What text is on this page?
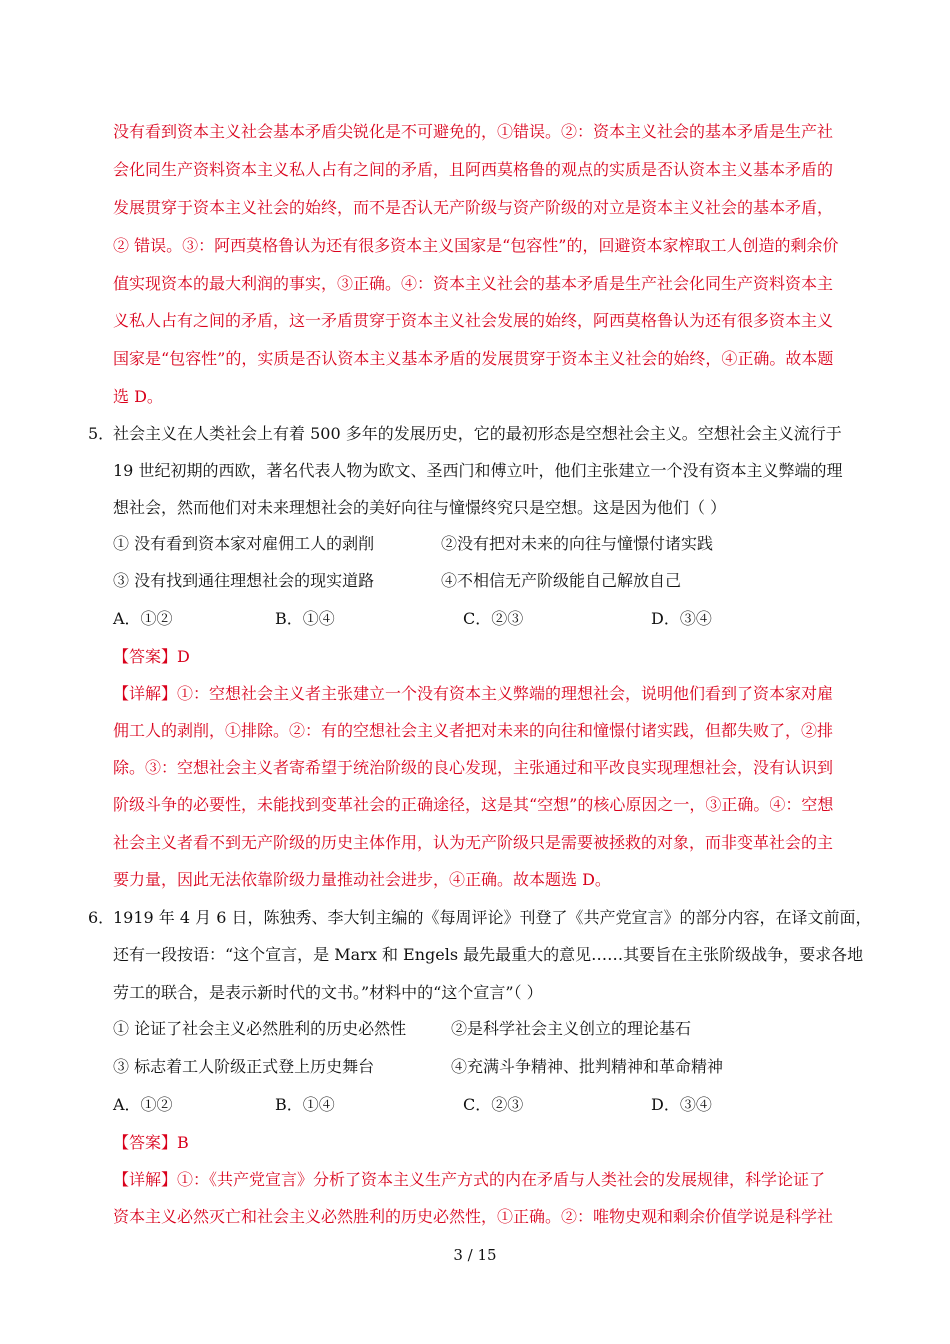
没有看到资本主义社会基本矛盾尖锐化是不可避免的，①错误。②：资本主义社会的基本矛盾是生产社
会化同生产资料资本主义私人占有之间的矛盾，且阿西莫格鲁的观点的实质是否认资本主义基本矛盾的
发展贯穿于资本主义社会的始终，而不是否认无产阶级与资产阶级的对立是资本主义社会的基本矛盾，
② 错误。③：阿西莫格鲁认为还有很多资本主义国家是“包容性”的，回避资本家榨取工人创造的剩余价
值实现资本的最大利润的事实，③正确。④：资本主义社会的基本矛盾是生产社会化同生产资料资本主
义私人占有之间的矛盾，这一矛盾贯穿于资本主义社会发展的始终，阿西莫格鲁认为还有很多资本主义
国家是“包容性”的，实质是否认资本主义基本矛盾的发展贯穿于资本主义社会的始终，④正确。故本题
选 D。
5．
社会主义在人类社会上有着 500 多年的发展历史，它的最初形态是空想社会主义。空想社会主义流行于
19 世纪初期的西欧，著名代表人物为欧文、圣西门和傅立叶，他们主张建立一个没有资本主义弊端的理
想社会，然而他们对未来理想社会的美好向往与憧憬终究只是空想。这是因为他们（ ）
① 没有看到资本家对雇佣工人的剥削	②没有把对未来的向往与憧憬付诸实践
③ 没有找到通往理想社会的现实道路	④不相信无产阶级能自己解放自己
A．①②	B．①④	C．②③	D．③④
【答案】D
【详解】①：空想社会主义者主张建立一个没有资本主义弊端的理想社会，说明他们看到了资本家对雇
佣工人的剥削，①排除。②：有的空想社会主义者把对未来的向往和憧憬付诸实践，但都失败了，②排
除。③：空想社会主义者寄希望于统治阶级的良心发现，主张通过和平改良实现理想社会，没有认识到
阶级斗争的必要性，未能找到变革社会的正确途径，这是其“空想”的核心原因之一，③正确。④：空想
社会主义者看不到无产阶级的历史主体作用，认为无产阶级只是需要被拯救的对象，而非变革社会的主
要力量，因此无法依靠阶级力量推动社会进步，④正确。故本题选 D。
6．
1919 年 4 月 6 日，陈独秀、李大钊主编的《每周评论》刊登了《共产党宣言》的部分内容，在译文前面，
还有一段按语：“这个宣言，是 Marx 和 Engels 最先最重大的意见……其要旨在主张阶级战争，要求各地
劳工的联合，是表示新时代的文书。”材料中的“这个宣言”（ ）
① 论证了社会主义必然胜利的历史必然性	②是科学社会主义创立的理论基石
③ 标志着工人阶级正式登上历史舞台	④充满斗争精神、批判精神和革命精神
A．①②	B．①④	C．②③	D．③④
【答案】B
【详解】①：《共产党宣言》分析了资本主义生产方式的内在矛盾与人类社会的发展规律，科学论证了
资本主义必然灭亡和社会主义必然胜利的历史必然性，①正确。②：唯物史观和剩余价值学说是科学社
3 / 15
